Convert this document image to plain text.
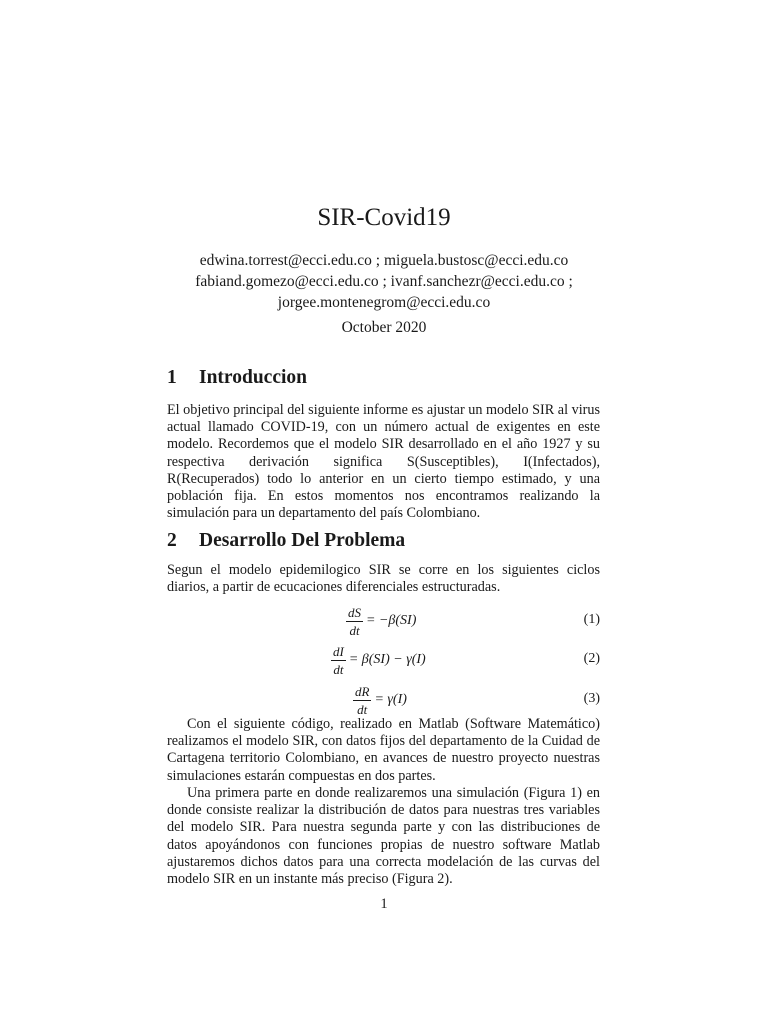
SIR-Covid19
edwina.torrest@ecci.edu.co ; miguela.bustosc@ecci.edu.co
fabiand.gomezo@ecci.edu.co ; ivanf.sanchezr@ecci.edu.co ;
jorgee.montenegrom@ecci.edu.co
October 2020
1 Introduccion
El objetivo principal del siguiente informe es ajustar un modelo SIR al virus actual llamado COVID-19, con un número actual de exigentes en este modelo. Recordemos que el modelo SIR desarrollado en el año 1927 y su respectiva derivación significa S(Susceptibles), I(Infectados), R(Recuperados) todo lo anterior en un cierto tiempo estimado, y una población fija. En estos momentos nos encontramos realizando la simulación para un departamento del país Colombiano.
2 Desarrollo Del Problema
Segun el modelo epidemilogico SIR se corre en los siguientes ciclos diarios, a partir de ecucaciones diferenciales estructuradas.
$\frac{dS}{dt} = -\beta(SI)$	(1)
$\frac{dI}{dt} = \beta(SI) - \gamma(I)$	(2)
$\frac{dR}{dt} = \gamma(I)$	(3)
Con el siguiente código, realizado en Matlab (Software Matemático) realizamos el modelo SIR, con datos fijos del departamento de la Cuidad de Cartagena territorio Colombiano, en avances de nuestro proyecto nuestras simulaciones estarán compuestas en dos partes.
Una primera parte en donde realizaremos una simulación (Figura 1) en donde consiste realizar la distribución de datos para nuestras tres variables del modelo SIR. Para nuestra segunda parte y con las distribuciones de datos apoyándonos con funciones propias de nuestro software Matlab ajustaremos dichos datos para una correcta modelación de las curvas del modelo SIR en un instante más preciso (Figura 2).
1
